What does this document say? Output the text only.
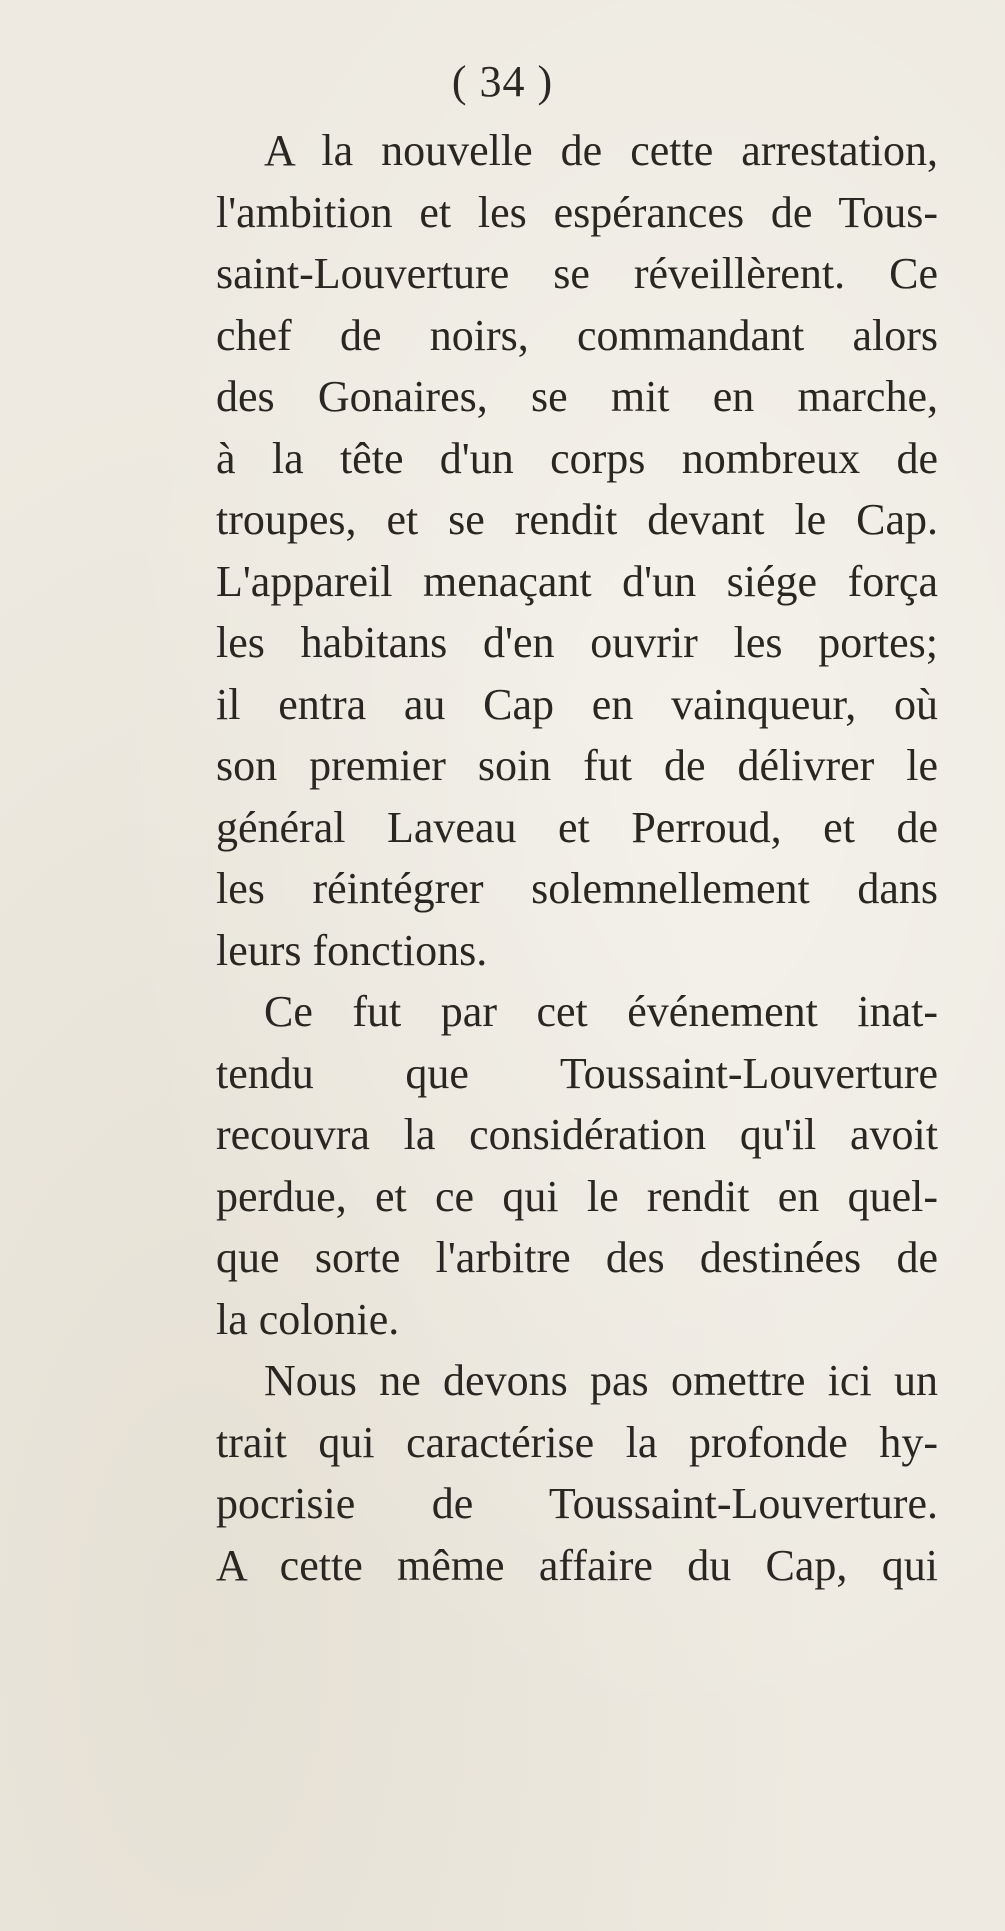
( 34 )

A la nouvelle de cette arrestation,
l'ambition et les espérances de Tous-
saint-Louverture se réveillèrent. Ce
chef de noirs, commandant alors
des Gonaires, se mit en marche,
à la tête d'un corps nombreux de
troupes, et se rendit devant le Cap.
L'appareil menaçant d'un siége força
les habitans d'en ouvrir les portes;
il entra au Cap en vainqueur, où
son premier soin fut de délivrer le
général Laveau et Perroud, et de
les réintégrer solemnellement dans
leurs fonctions.

Ce fut par cet événement inat-
tendu que Toussaint-Louverture
recouvra la considération qu'il avoit
perdue, et ce qui le rendit en quel-
que sorte l'arbitre des destinées de
la colonie.

Nous ne devons pas omettre ici un
trait qui caractérise la profonde hy-
pocrisie de Toussaint-Louverture.
A cette même affaire du Cap, qui
